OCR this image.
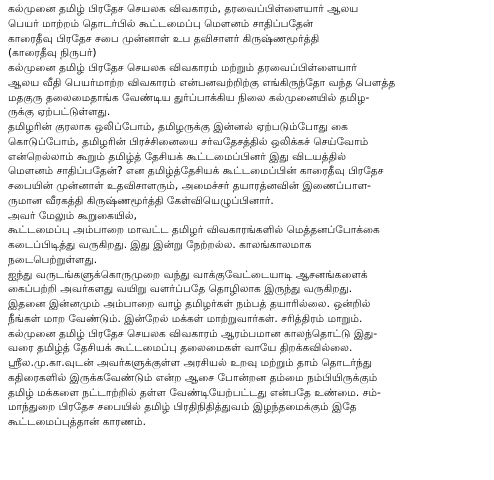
கல்முனை தமிழ் பிரதேச செயலக விவகாரம், தரவைப்பிள்ளையார் ஆலய
பெயர் மாற்றம் தொடர்பில் கூட்டமைப்பு மௌனம் சாதிப்பதேன்
காரைதீவு பிரதேச சபை முன்னாள் உப தவிசாளர் கிருஷ்ணமூர்த்தி
(காரைதீவு நிருபர்)
கல்முனை தமிழ் பிரதேச செயலக விவகாரம் மற்றும் தரவைப்பிள்ளையார்
ஆலய வீதி பெயர்மாற்ற விவகாரம் என்பனவற்றிற்கு எங்கிருந்தோ வந்த பௌத்த
மதகுரு தலைமைதாங்க வேண்டிய துர்ப்பாக்கிய நிலை கல்முனையில் தமிழ-
ருக்கு ஏற்பட்டுள்ளது.
தமிழரின் குரலாக ஒலிப்போம், தமிழருக்கு இன்னல் ஏற்படும்போது கை
கொடுப்போம், தமிழரின் பிரச்சினையை சர்வதேசத்தில் ஒலிக்கச் செய்வோம்
என்றெல்லாம் கூறும் தமிழ்த் தேசியக் கூட்டமைப்பினர் இது விடயத்தில்
மௌனம் சாதிப்பதேன்? என தமிழ்த்தேசியக் கூட்டமைப்பின் காரைதீவு பிரதேச
சபையின் முன்னாள் உதவிசாளரும், அமைச்சர் தயாரத்னவின் இணைப்பாள-
ருமான வீரகத்தி கிருஷ்ணமூர்த்தி கேள்வியெழுப்பினார்.
அவர் மேலும் கூறுகையில்,
கூட்டமைப்பு அம்பாறை மாவட்ட தமிழர் விவகாரங்களில் மெத்தனப்போக்கை
கடைப்பிடித்து வருகிறது. இது இன்று நேற்றல்ல. காலங்காலமாக
நடைபெற்றுள்ளது.
ஐந்து வருடங்களுக்கொருமுறை வந்து வாக்குவேட்டையாடி ஆசனங்களைக்
கைப்பற்றி அவர்களது வயிறு வளர்ப்பதே தொழிலாக இருந்து வருகிறது.
இதனை இன்னமும் அம்பாறை வாழ் தமிழர்கள் நம்பத் தயாரில்லை. ஒன்றில்
நீங்கள் மாற வேண்டும். இன்றேல் மக்கள் மாற்றுவார்கள். சரித்திரம் மாறும்.
கல்முனை தமிழ் பிரதேச செயலக விவகாரம் ஆரம்பமான காலந்தொட்டு இது-
வரை தமிழ்த் தேசியக் கூட்டமைப்பு தலைமைகள் வாயே திறக்கவில்லை.
ஸ்ரீல.மு.கா.வுடன் அவர்களுக்குள்ள அரசியல் உறவு மற்றும் தாம் தொடர்ந்து
கதிரைகளில் இருக்கவேண்டும் என்ற ஆசை போன்றன தம்மை நம்பியிருக்கும்
தமிழ் மக்களை நட்டாற்றில் தள்ள வேண்டியேற்பட்டது என்பதே உண்மை. சம்-
மாந்துறை பிரதேச சபையில் தமிழ் பிரதிநிதித்துவம் இழந்தமைக்கும் இதே
கூட்டமைப்புத்தான் காரணம்.
